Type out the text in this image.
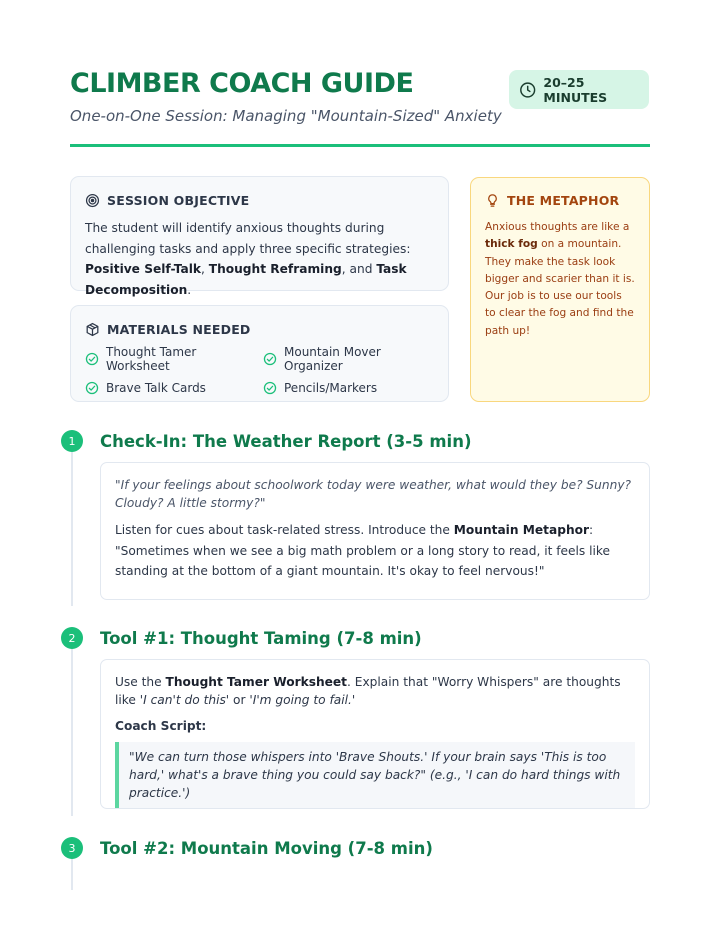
CLIMBER COACH GUIDE
One-on-One Session: Managing "Mountain-Sized" Anxiety
20–25 MINUTES
SESSION OBJECTIVE
The student will identify anxious thoughts during challenging tasks and apply three specific strategies: Positive Self-Talk, Thought Reframing, and Task Decomposition.
MATERIALS NEEDED
Thought Tamer Worksheet
Mountain Mover Organizer
Brave Talk Cards	Pencils/Markers
THE METAPHOR
Anxious thoughts are like a thick fog on a mountain. They make the task look bigger and scarier than it is. Our job is to use our tools to clear the fog and find the path up!
1	Check-In: The Weather Report (3-5 min)
"If your feelings about schoolwork today were weather, what would they be? Sunny? Cloudy? A little stormy?"
Listen for cues about task-related stress. Introduce the Mountain Metaphor: "Sometimes when we see a big math problem or a long story to read, it feels like standing at the bottom of a giant mountain. It's okay to feel nervous!"
2	Tool #1: Thought Taming (7-8 min)
Use the Thought Tamer Worksheet. Explain that "Worry Whispers" are thoughts like 'I can't do this' or 'I'm going to fail.'
Coach Script:
"We can turn those whispers into 'Brave Shouts.' If your brain says 'This is too hard,' what's a brave thing you could say back?" (e.g., 'I can do hard things with practice.')
3	Tool #2: Mountain Moving (7-8 min)
